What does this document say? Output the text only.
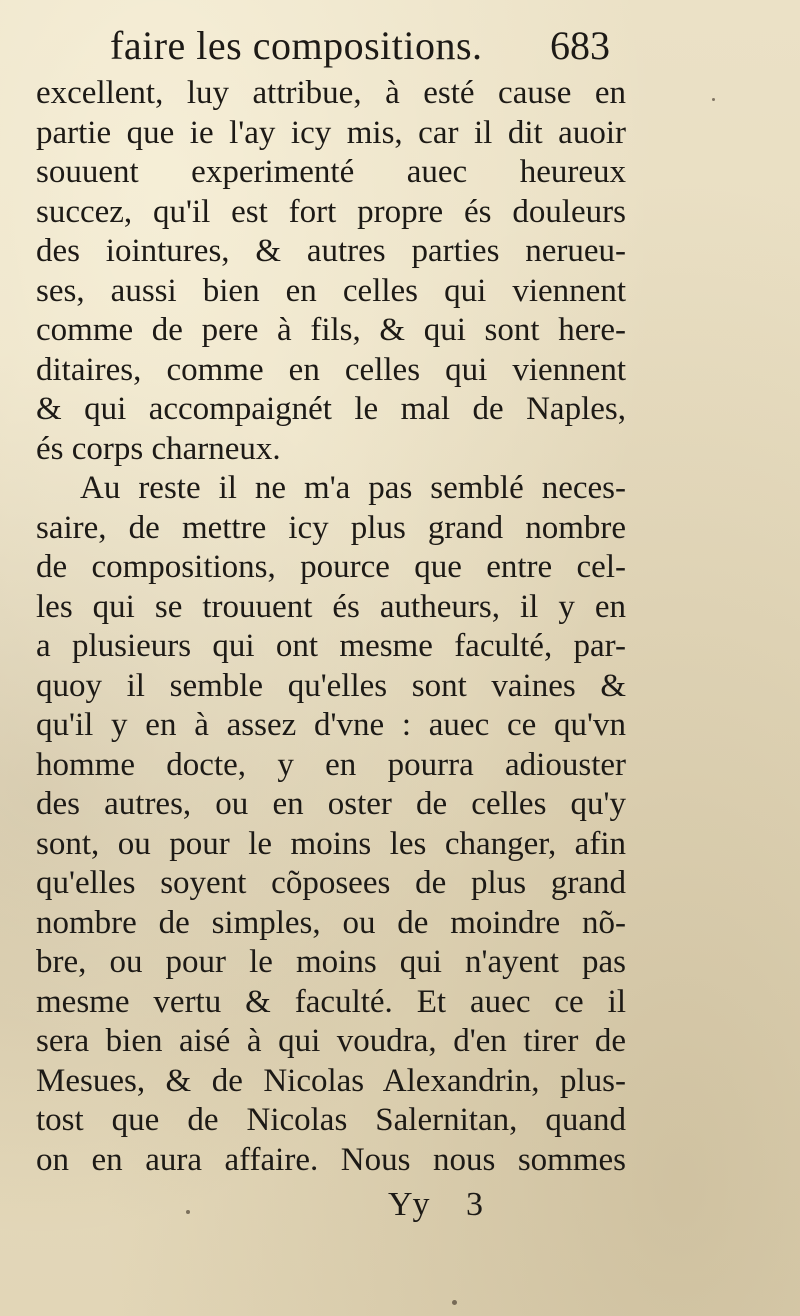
faire les compositions. 683
excellent, luy attribue, à esté cause en
partie que ie l'ay icy mis, car il dit auoir
souuent experimenté auec heureux
succez, qu'il est fort propre és douleurs
des iointures, & autres parties nerueu-
ses, aussi bien en celles qui viennent
comme de pere à fils, & qui sont here-
ditaires, comme en celles qui viennent
& qui accompaignét le mal de Naples,
és corps charneux.
Au reste il ne m'a pas semblé neces-
saire, de mettre icy plus grand nombre
de compositions, pource que entre cel-
les qui se trouuent és autheurs, il y en
a plusieurs qui ont mesme faculté, par-
quoy il semble qu'elles sont vaines &
qu'il y en à assez d'vne : auec ce qu'vn
homme docte, y en pourra adiouster
des autres, ou en oster de celles qu'y
sont, ou pour le moins les changer, afin
qu'elles soyent cõposees de plus grand
nombre de simples, ou de moindre nõ-
bre, ou pour le moins qui n'ayent pas
mesme vertu & faculté. Et auec ce il
sera bien aisé à qui voudra, d'en tirer de
Mesues, & de Nicolas Alexandrin, plus-
tost que de Nicolas Salernitan, quand
on en aura affaire. Nous nous sommes
Yy 3
